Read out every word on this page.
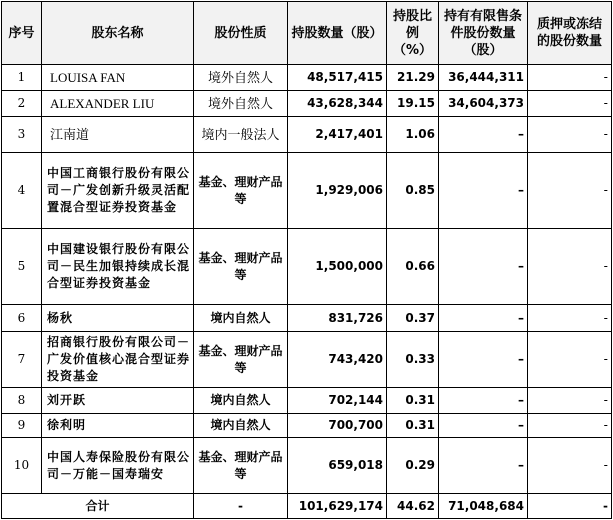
序号	股东名称	股份性质	持股数量（股）	持股比例（%）	持有有限售条件股份数量（股）	质押或冻结的股份数量
1	LOUISA FAN	境外自然人	48,517,415	21.29	36,444,311	-
2	ALEXANDER LIU	境外自然人	43,628,344	19.15	34,604,373	-
3	江南道	境内一般法人	2,417,401	1.06	–	-
4	中国工商银行股份有限公司－广发创新升级灵活配置混合型证券投资基金	基金、理财产品等	1,929,006	0.85	–	-
5	中国建设银行股份有限公司－民生加银持续成长混合型证券投资基金	基金、理财产品等	1,500,000	0.66	–	-
6	杨秋	境内自然人	831,726	0.37	–	-
7	招商银行股份有限公司－广发价值核心混合型证券投资基金	基金、理财产品等	743,420	0.33	–	-
8	刘开跃	境内自然人	702,144	0.31	–	-
9	徐利明	境内自然人	700,700	0.31	–	-
10	中国人寿保险股份有限公司－万能－国寿瑞安	基金、理财产品等	659,018	0.29	–	-
合计		-	101,629,174	44.62	71,048,684	-
